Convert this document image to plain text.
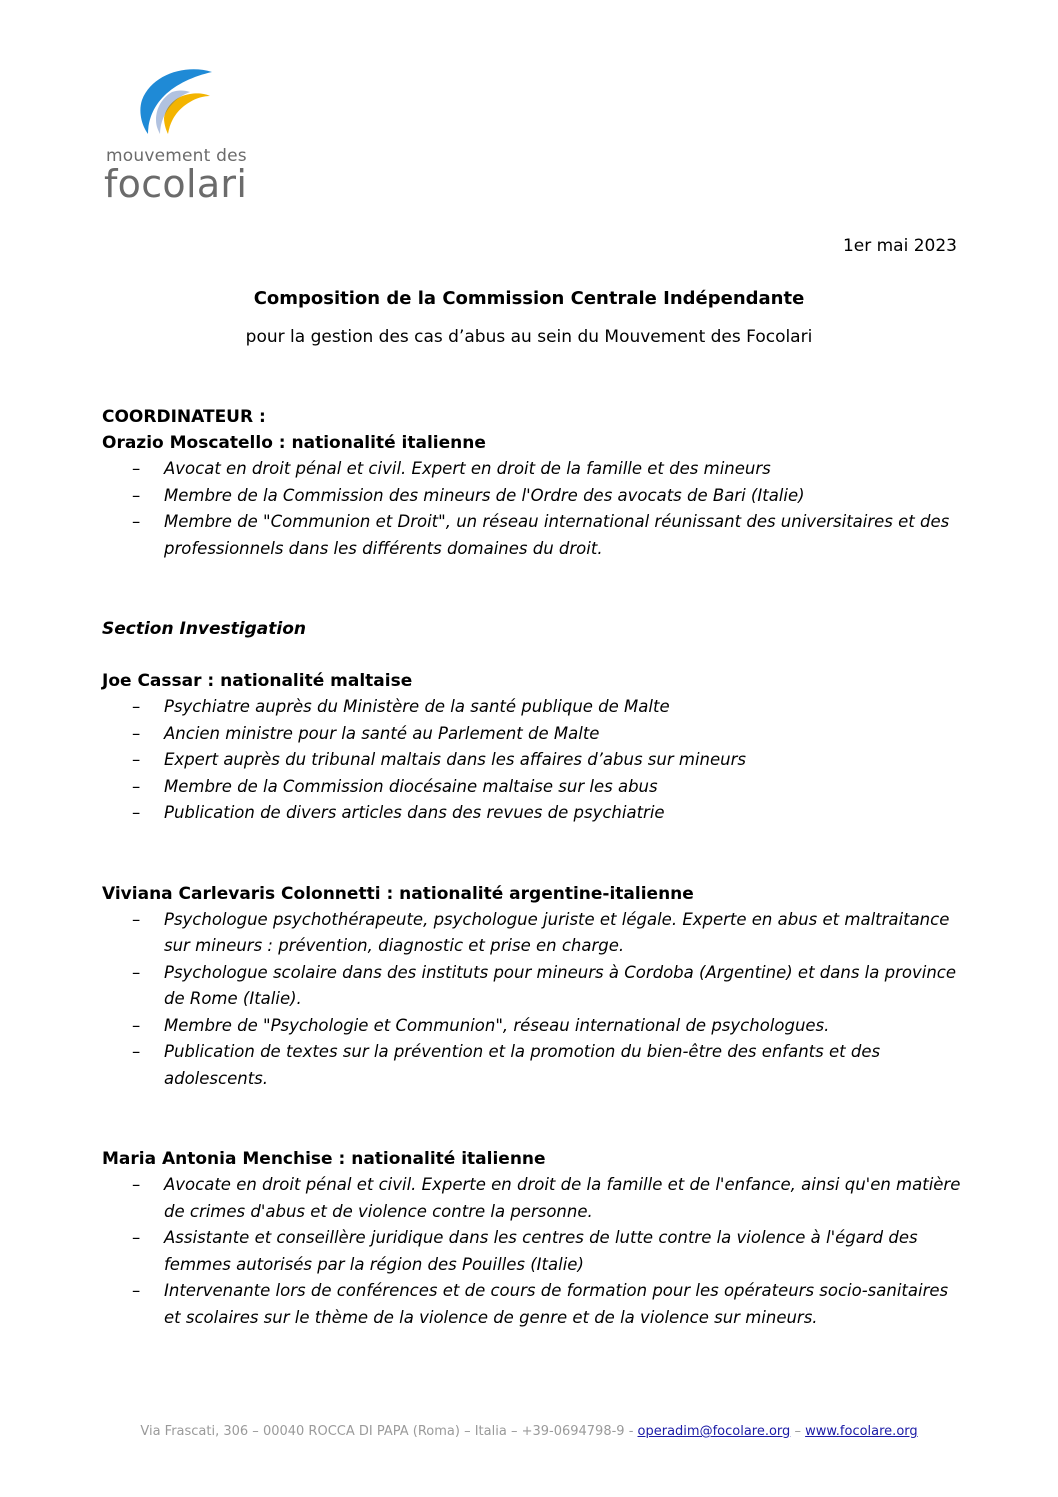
mouvement des
focolari
1er mai 2023
Composition de la Commission Centrale Indépendante
pour la gestion des cas d’abus au sein du Mouvement des Focolari
COORDINATEUR :
Orazio Moscatello : nationalité italienne
– Avocat en droit pénal et civil. Expert en droit de la famille et des mineurs
– Membre de la Commission des mineurs de l'Ordre des avocats de Bari (Italie)
– Membre de "Communion et Droit", un réseau international réunissant des universitaires et des professionnels dans les différents domaines du droit.
Section Investigation
Joe Cassar : nationalité maltaise
– Psychiatre auprès du Ministère de la santé publique de Malte
– Ancien ministre pour la santé au Parlement de Malte
– Expert auprès du tribunal maltais dans les affaires d’abus sur mineurs
– Membre de la Commission diocésaine maltaise sur les abus
– Publication de divers articles dans des revues de psychiatrie
Viviana Carlevaris Colonnetti : nationalité argentine-italienne
– Psychologue psychothérapeute, psychologue juriste et légale. Experte en abus et maltraitance sur mineurs : prévention, diagnostic et prise en charge.
– Psychologue scolaire dans des instituts pour mineurs à Cordoba (Argentine) et dans la province de Rome (Italie).
– Membre de "Psychologie et Communion", réseau international de psychologues.
– Publication de textes sur la prévention et la promotion du bien-être des enfants et des adolescents.
Maria Antonia Menchise : nationalité italienne
– Avocate en droit pénal et civil. Experte en droit de la famille et de l'enfance, ainsi qu'en matière de crimes d'abus et de violence contre la personne.
– Assistante et conseillère juridique dans les centres de lutte contre la violence à l'égard des femmes autorisés par la région des Pouilles (Italie)
– Intervenante lors de conférences et de cours de formation pour les opérateurs socio-sanitaires et scolaires sur le thème de la violence de genre et de la violence sur mineurs.
Via Frascati, 306 – 00040 ROCCA DI PAPA (Roma) – Italia – +39-0694798-9 - operadim@focolare.org – www.focolare.org
